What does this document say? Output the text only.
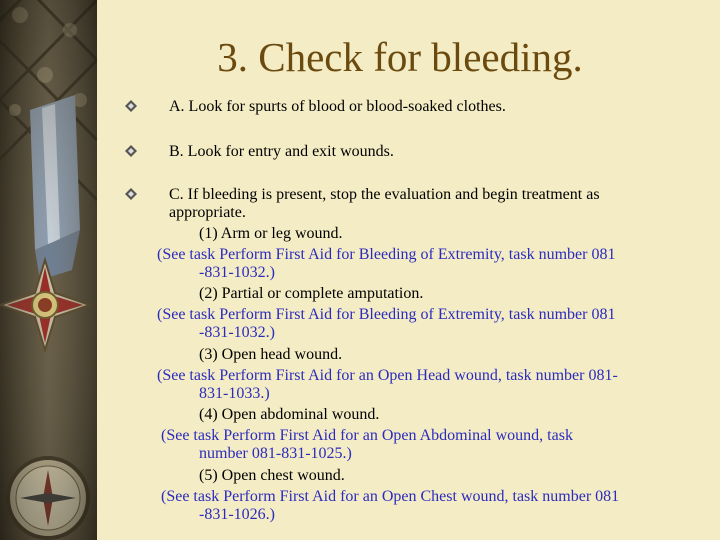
3. Check for bleeding.
A. Look for spurts of blood or blood-soaked clothes.
B. Look for entry and exit wounds.
C. If bleeding is present, stop the evaluation and begin treatment as
appropriate.
(1) Arm or leg wound.
(See task Perform First Aid for Bleeding of Extremity, task number 081
-831-1032.)
(2) Partial or complete amputation.
(See task Perform First Aid for Bleeding of Extremity, task number 081
-831-1032.)
(3) Open head wound.
(See task Perform First Aid for an Open Head wound, task number 081-
831-1033.)
(4) Open abdominal wound.
(See task Perform First Aid for an Open Abdominal wound, task
number 081-831-1025.)
(5) Open chest wound.
(See task Perform First Aid for an Open Chest wound, task number 081
-831-1026.)
